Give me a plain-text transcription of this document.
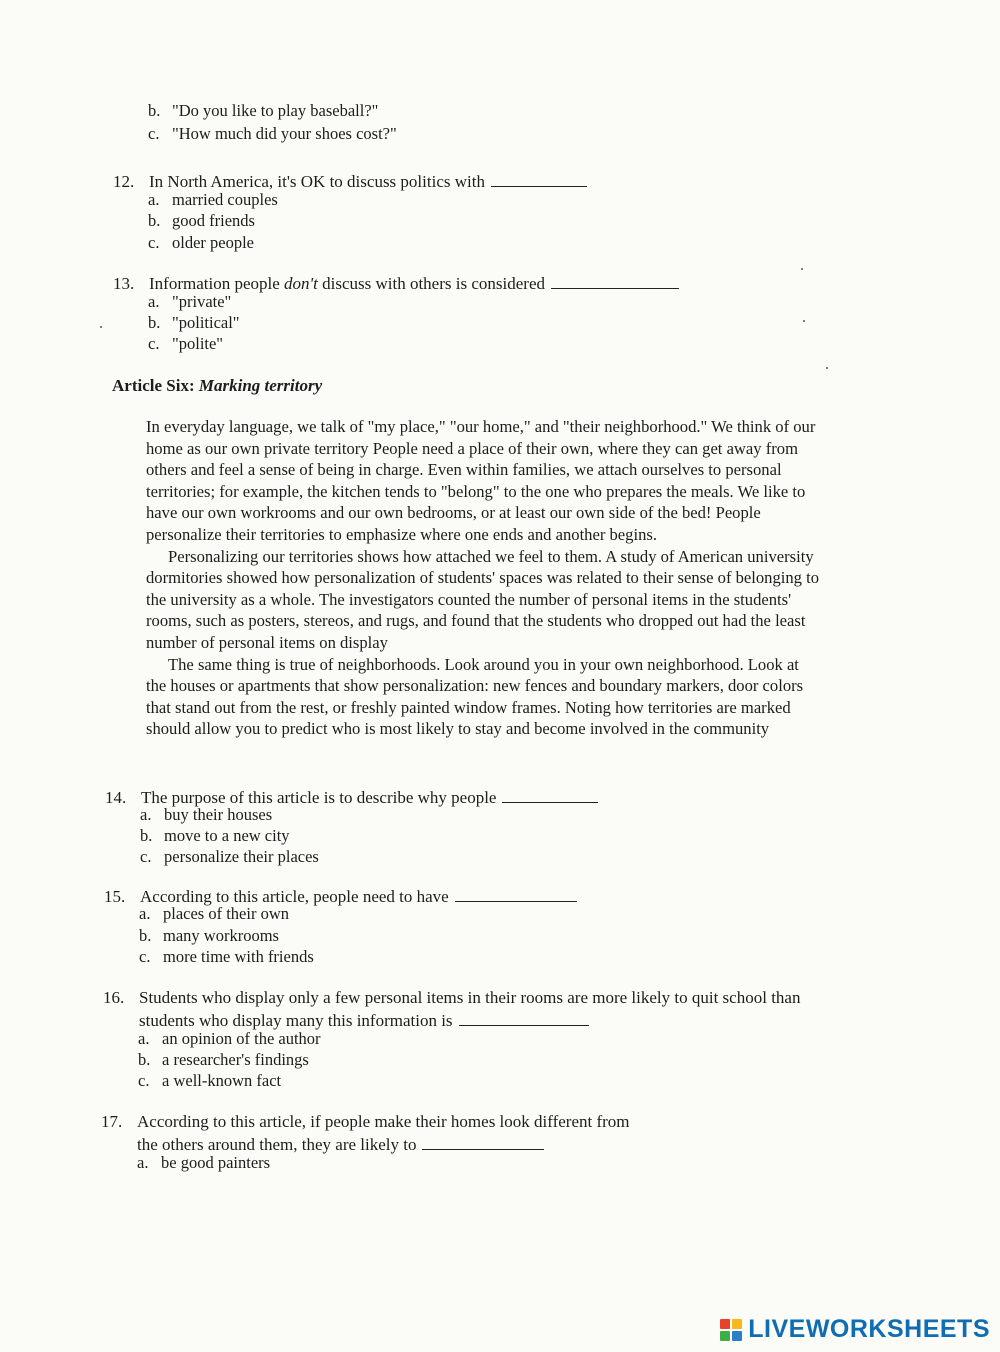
b. "Do you like to play baseball?"
c. "How much did your shoes cost?"
12. In North America, it's OK to discuss politics with
a. married couples
b. good friends
c. older people
13. Information people don't discuss with others is considered
a. "private"
b. "political"
c. "polite"
Article Six: Marking territory

In everyday language, we talk of "my place," "our home," and "their neighborhood." We think of our

home as our own private territory People need a place of their own, where they can get away from

others and feel a sense of being in charge. Even within families, we attach ourselves to personal

territories; for example, the kitchen tends to "belong" to the one who prepares the meals. We like to

have our own workrooms and our own bedrooms, or at least our own side of the bed! People

personalize their territories to emphasize where one ends and another begins.

Personalizing our territories shows how attached we feel to them. A study of American university

dormitories showed how personalization of students' spaces was related to their sense of belonging to

the university as a whole. The investigators counted the number of personal items in the students'

rooms, such as posters, stereos, and rugs, and found that the students who dropped out had the least

number of personal items on display

The same thing is true of neighborhoods. Look around you in your own neighborhood. Look at

the houses or apartments that show personalization: new fences and boundary markers, door colors

that stand out from the rest, or freshly painted window frames. Noting how territories are marked

should allow you to predict who is most likely to stay and become involved in the community

14. The purpose of this article is to describe why people
a. buy their houses
b. move to a new city
c. personalize their places
15. According to this article, people need to have
a. places of their own
b. many workrooms
c. more time with friends
16. Students who display only a few personal items in their rooms are more likely to quit school than
students who display many this information is
a. an opinion of the author
b. a researcher's findings
c. a well-known fact
17. According to this article, if people make their homes look different from
the others around them, they are likely to
a. be good painters
LIVEWORKSHEETS
